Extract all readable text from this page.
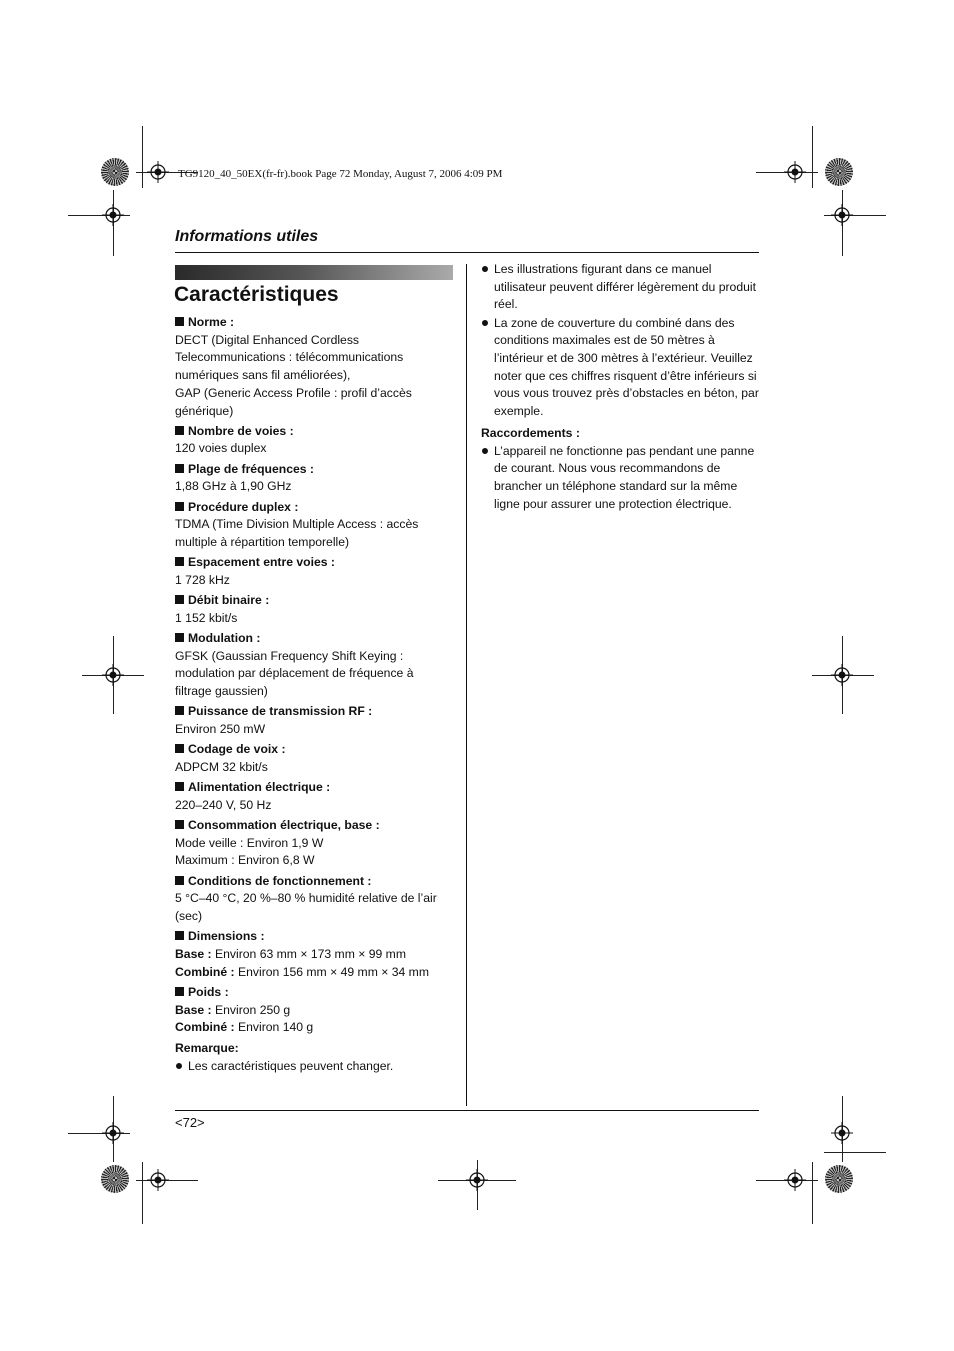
TG9120_40_50EX(fr-fr).book Page 72 Monday, August 7, 2006 4:09 PM
Informations utiles
Caractéristiques
Norme :
DECT (Digital Enhanced Cordless
Telecommunications : télécommunications
numériques sans fil améliorées),
GAP (Generic Access Profile : profil d’accès
générique)
Nombre de voies :
120 voies duplex
Plage de fréquences :
1,88 GHz à 1,90 GHz
Procédure duplex :
TDMA (Time Division Multiple Access : accès
multiple à répartition temporelle)
Espacement entre voies :
1 728 kHz
Débit binaire :
1 152 kbit/s
Modulation :
GFSK (Gaussian Frequency Shift Keying :
modulation par déplacement de fréquence à
filtrage gaussien)
Puissance de transmission RF :
Environ 250 mW
Codage de voix :
ADPCM 32 kbit/s
Alimentation électrique :
220–240 V, 50 Hz
Consommation électrique, base :
Mode veille : Environ 1,9 W
Maximum : Environ 6,8 W
Conditions de fonctionnement :
5 °C–40 °C, 20 %–80 % humidité relative de l’air
(sec)
Dimensions :
Base : Environ 63 mm × 173 mm × 99 mm
Combiné : Environ 156 mm × 49 mm × 34 mm
Poids :
Base : Environ 250 g
Combiné : Environ 140 g
Remarque:
Les caractéristiques peuvent changer.
Les illustrations figurant dans ce manuel utilisateur peuvent différer légèrement du produit réel.
La zone de couverture du combiné dans des conditions maximales est de 50 mètres à l’intérieur et de 300 mètres à l’extérieur. Veuillez noter que ces chiffres risquent d’être inférieurs si vous vous trouvez près d’obstacles en béton, par exemple.
Raccordements :
L’appareil ne fonctionne pas pendant une panne de courant. Nous vous recommandons de brancher un téléphone standard sur la même ligne pour assurer une protection électrique.
<72>
